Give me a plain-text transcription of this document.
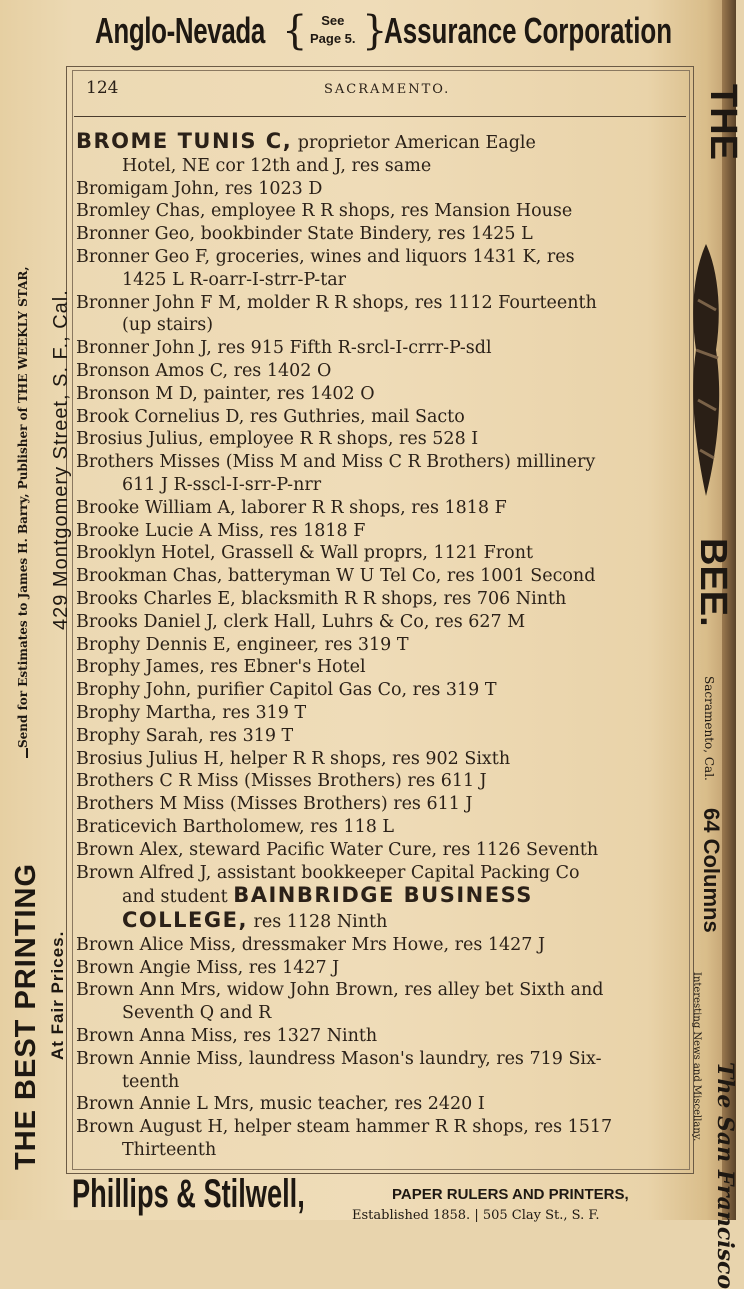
Anglo-Nevada {	See
Page 5. }
Assurance Corporation
124	SACRAMENTO.
BROME TUNIS C, proprietor American Eagle
Hotel, NE cor 12th and J, res same
Bromigam John, res 1023 D
Bromley Chas, employee R R shops, res Mansion House
Bronner Geo, bookbinder State Bindery, res 1425 L
Bronner Geo F, groceries, wines and liquors 1431 K, res
1425 L R-oarr-I-strr-P-tar
Bronner John F M, molder R R shops, res 1112 Fourteenth
(up stairs)
Bronner John J, res 915 Fifth R-srcl-I-crrr-P-sdl
Bronson Amos C, res 1402 O
Bronson M D, painter, res 1402 O
Brook Cornelius D, res Guthries, mail Sacto
Brosius Julius, employee R R shops, res 528 I
Brothers Misses (Miss M and Miss C R Brothers) millinery
611 J R-sscl-I-srr-P-nrr
Brooke William A, laborer R R shops, res 1818 F
Brooke Lucie A Miss, res 1818 F
Brooklyn Hotel, Grassell & Wall proprs, 1121 Front
Brookman Chas, batteryman W U Tel Co, res 1001 Second
Brooks Charles E, blacksmith R R shops, res 706 Ninth
Brooks Daniel J, clerk Hall, Luhrs & Co, res 627 M
Brophy Dennis E, engineer, res 319 T
Brophy James, res Ebner's Hotel
Brophy John, purifier Capitol Gas Co, res 319 T
Brophy Martha, res 319 T
Brophy Sarah, res 319 T
Brosius Julius H, helper R R shops, res 902 Sixth
Brothers C R Miss (Misses Brothers) res 611 J
Brothers M Miss (Misses Brothers) res 611 J
Braticevich Bartholomew, res 118 L
Brown Alex, steward Pacific Water Cure, res 1126 Seventh
Brown Alfred J, assistant bookkeeper Capital Packing Co
and student BAINBRIDGE BUSINESS
COLLEGE, res 1128 Ninth
Brown Alice Miss, dressmaker Mrs Howe, res 1427 J
Brown Angie Miss, res 1427 J
Brown Ann Mrs, widow John Brown, res alley bet Sixth and
Seventh Q and R
Brown Anna Miss, res 1327 Ninth
Brown Annie Miss, laundress Mason's laundry, res 719 Six-
teenth
Brown Annie L Mrs, music teacher, res 2420 I
Brown August H, helper steam hammer R R shops, res 1517
Thirteenth
THE BEST PRINTING At Fair Prices.
Send for Estimates to James H. Barry, Publisher of THE WEEKLY STAR, 429 Montgomery Street, S. F., Cal.
THE
BEE.
Sacramento, Cal.
64 Columns
Interesting News and Miscellany.
The San Francisco
Phillips & Stilwell,	PAPER RULERS AND PRINTERS,
Established 1858. | 505 Clay St., S. F.
